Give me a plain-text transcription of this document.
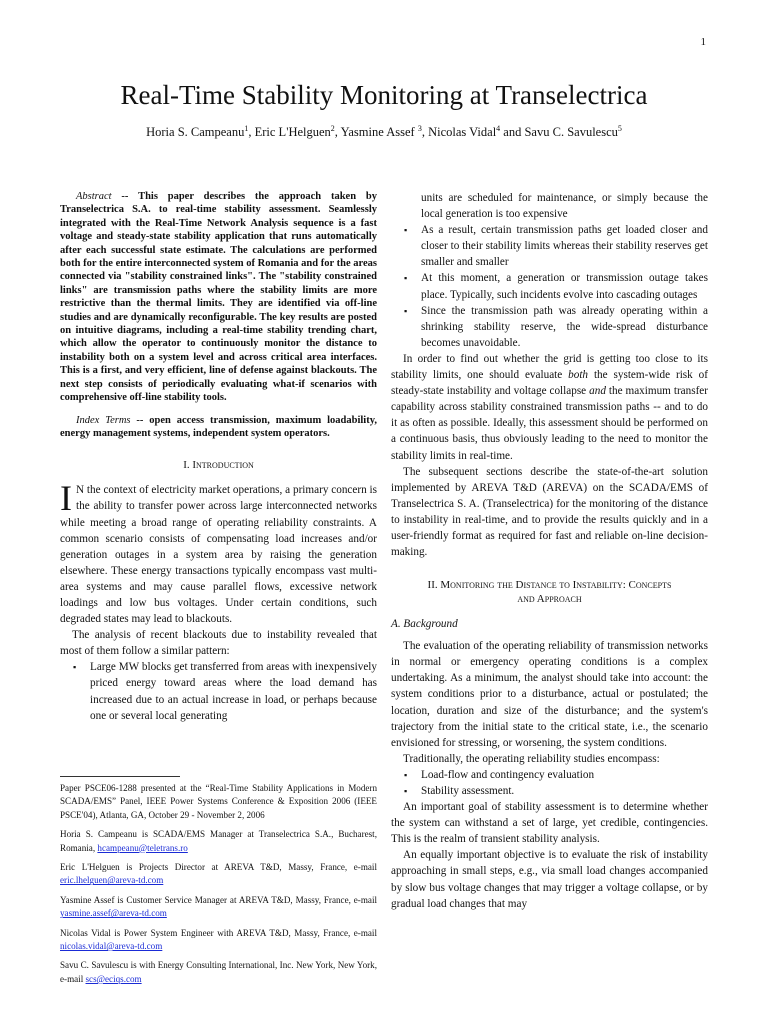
1
Real-Time Stability Monitoring at Transelectrica
Horia S. Campeanu$^1$, Eric L'Helguen$^2$, Yasmine Assef $^3$, Nicolas Vidal$^4$ and Savu C. Savulescu$^5$

Abstract -- This paper describes the approach taken by Transelectrica S.A. to real-time stability assessment. Seamlessly integrated with the Real-Time Network Analysis sequence is a fast voltage and steady-state stability application that runs automatically after each successful state estimate. The calculations are performed both for the entire interconnected system of Romania and for the areas connected via "stability constrained links". The "stability constrained links" are transmission paths where the stability limits are more restrictive than the thermal limits. They are identified via off-line studies and are dynamically reconfigurable. The key results are posted on intuitive diagrams, including a real-time stability trending chart, which allow the operator to continuously monitor the distance to instability both on a system level and across critical area interfaces. This is a first, and very efficient, line of defense against blackouts. The next step consists of periodically evaluating what-if scenarios with comprehensive off-line stability tools.

Index Terms -- open access transmission, maximum loadability, energy management systems, independent system operators.

I. Introduction

I N the context of electricity market operations, a primary concern is the ability to transfer power across large interconnected networks while meeting a broad range of operating reliability constraints. A common scenario consists of compensating load increases and/or generation outages in a system area by raising the generation elsewhere. These energy transactions typically encompass vast multi-area systems and may cause parallel flows, excessive network loadings and low bus voltages. Under certain conditions, such degraded states may lead to blackouts.

The analysis of recent blackouts due to instability revealed that most of them follow a similar pattern:

▪ Large MW blocks get transferred from areas with inexpensively priced energy toward areas where the load demand has increased due to an actual increase in load, or perhaps because one or several local generating

Paper PSCE06-1288 presented at the “Real-Time Stability Applications in Modern SCADA/EMS” Panel, IEEE Power Systems Conference & Exposition 2006 (IEEE PSCE'04), Atlanta, GA, October 29 - November 2, 2006

Horia S. Campeanu is SCADA/EMS Manager at Transelectrica S.A., Bucharest, Romania, hcampeanu@teletrans.ro

Eric L'Helguen is Projects Director at AREVA T&D, Massy, France, e-mail eric.lhelguen@areva-td.com

Yasmine Assef is Customer Service Manager at AREVA T&D, Massy, France, e-mail yasmine.assef@areva-td.com

Nicolas Vidal is Power System Engineer with AREVA T&D, Massy, France, e-mail nicolas.vidal@areva-td.com

Savu C. Savulescu is with Energy Consulting International, Inc. New York, New York, e-mail scs@eciqs.com

units are scheduled for maintenance, or simply because the local generation is too expensive
▪ As a result, certain transmission paths get loaded closer and closer to their stability limits whereas their stability reserves get smaller and smaller
▪ At this moment, a generation or transmission outage takes place. Typically, such incidents evolve into cascading outages
▪ Since the transmission path was already operating within a shrinking stability reserve, the wide-spread disturbance becomes unavoidable.

In order to find out whether the grid is getting too close to its stability limits, one should evaluate both the system-wide risk of steady-state instability and voltage collapse and the maximum transfer capability across stability constrained transmission paths -- and to do it as often as possible. Ideally, this assessment should be performed on a continuous basis, thus obviously leading to the need to monitor the stability limits in real-time.

The subsequent sections describe the state-of-the-art solution implemented by AREVA T&D (AREVA) on the SCADA/EMS of Transelectrica S. A. (Transelectrica) for the monitoring of the distance to instability in real-time, and to provide the results quickly and in a user-friendly format as required for fast and reliable on-line decision-making.

II. Monitoring the Distance to Instability: Concepts
and Approach
A. Background

The evaluation of the operating reliability of transmission networks in normal or emergency operating conditions is a complex undertaking. As a minimum, the analyst should take into account: the system conditions prior to a disturbance, actual or postulated; the location, duration and size of the disturbance; and the system's trajectory from the initial state to the critical state, i.e., the scenario envisioned for stressing, or worsening, the system conditions.

Traditionally, the operating reliability studies encompass:

▪ Load-flow and contingency evaluation
▪ Stability assessment.

An important goal of stability assessment is to determine whether the system can withstand a set of large, yet credible, contingencies. This is the realm of transient stability analysis.

An equally important objective is to evaluate the risk of instability approaching in small steps, e.g., via small load changes accompanied by slow bus voltage changes that may trigger a voltage collapse, or by gradual load changes that may
